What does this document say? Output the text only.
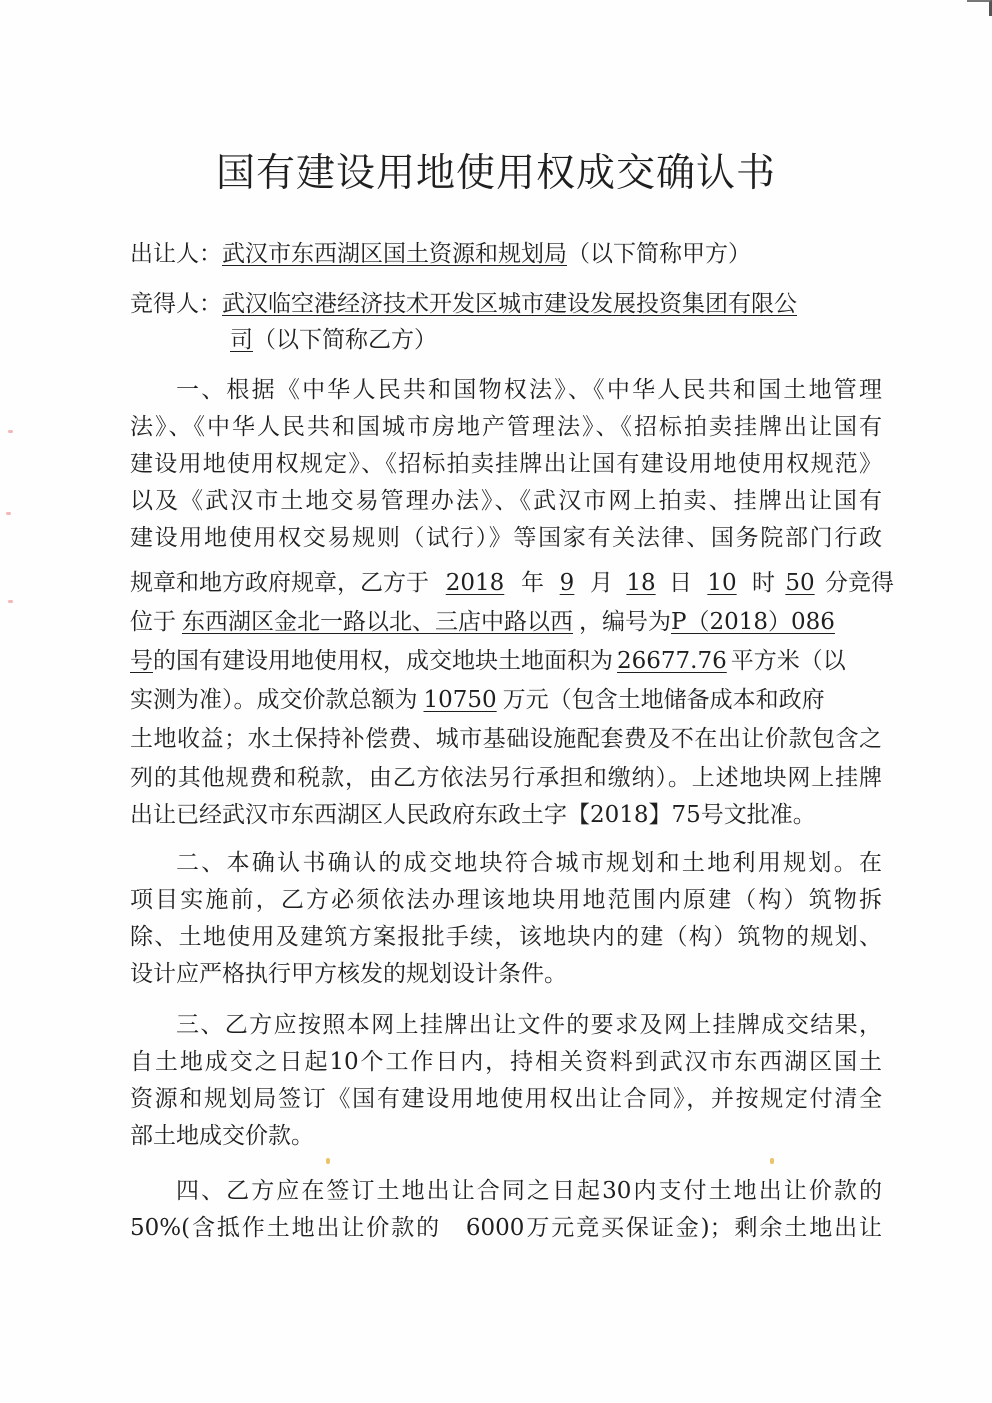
国有建设用地使用权成交确认书
出让人：武汉市东西湖区国土资源和规划局（以下简称甲方）
竞得人：武汉临空港经济技术开发区城市建设发展投资集团有限公
司（以下简称乙方）
一、根据《中华人民共和国物权法》、《中华人民共和国土地管理
法》、《中华人民共和国城市房地产管理法》、《招标拍卖挂牌出让国有
建设用地使用权规定》、《招标拍卖挂牌出让国有建设用地使用权规范》
以及《武汉市土地交易管理办法》、《武汉市网上拍卖、挂牌出让国有
建设用地使用权交易规则（试行）》等国家有关法律、国务院部门行政
规章和地方政府规章，乙方于 2018 年 9 月 18 日 10 时 50 分竞得
位于 东西湖区金北一路以北、三店中路以西 ，编号为P（2018）086
号的国有建设用地使用权，成交地块土地面积为 26677.76 平方米（以
实测为准）。成交价款总额为 10750 万元（包含土地储备成本和政府
土地收益；水土保持补偿费、城市基础设施配套费及不在出让价款包含之
列的其他规费和税款，由乙方依法另行承担和缴纳）。上述地块网上挂牌
出让已经武汉市东西湖区人民政府东政土字【2018】75号文批准。
二、本确认书确认的成交地块符合城市规划和土地利用规划。在
项目实施前，乙方必须依法办理该地块用地范围内原建（构）筑物拆
除、土地使用及建筑方案报批手续，该地块内的建（构）筑物的规划、
设计应严格执行甲方核发的规划设计条件。
三、乙方应按照本网上挂牌出让文件的要求及网上挂牌成交结果，
自土地成交之日起10个工作日内，持相关资料到武汉市东西湖区国土
资源和规划局签订《国有建设用地使用权出让合同》，并按规定付清全
部土地成交价款。
四、乙方应在签订土地出让合同之日起30内支付土地出让价款的
50%(含抵作土地出让价款的　6000万元竞买保证金)；剩余土地出让
